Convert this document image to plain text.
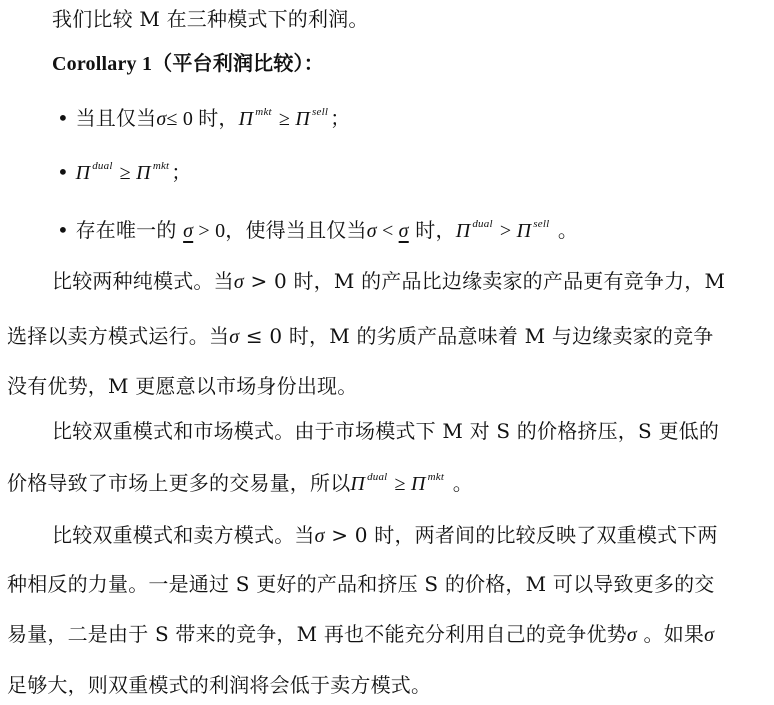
我们比较 M 在三种模式下的利润。
Corollary 1（平台利润比较）：
• 当且仅当σ≤ 0 时，Π $^{mkt}$ ≥ Π $^{sell}$ ；
• Π $^{dual}$ ≥ Π $^{mkt}$ ；
• 存在唯一的 σ > 0，使得当且仅当σ < σ 时，Π $^{dual}$ > Π $^{sell}$ 。
比较两种纯模式。当σ > 0 时，M 的产品比边缘卖家的产品更有竞争力，M
选择以卖方模式运行。当σ ≤ 0 时，M 的劣质产品意味着 M 与边缘卖家的竞争
没有优势，M 更愿意以市场身份出现。
比较双重模式和市场模式。由于市场模式下 M 对 S 的价格挤压，S 更低的
价格导致了市场上更多的交易量，所以Π $^{dual}$ ≥ Π $^{mkt}$ 。
比较双重模式和卖方模式。当σ > 0 时，两者间的比较反映了双重模式下两
种相反的力量。一是通过 S 更好的产品和挤压 S 的价格，M 可以导致更多的交
易量，二是由于 S 带来的竞争，M 再也不能充分利用自己的竞争优势σ 。如果σ
足够大，则双重模式的利润将会低于卖方模式。
